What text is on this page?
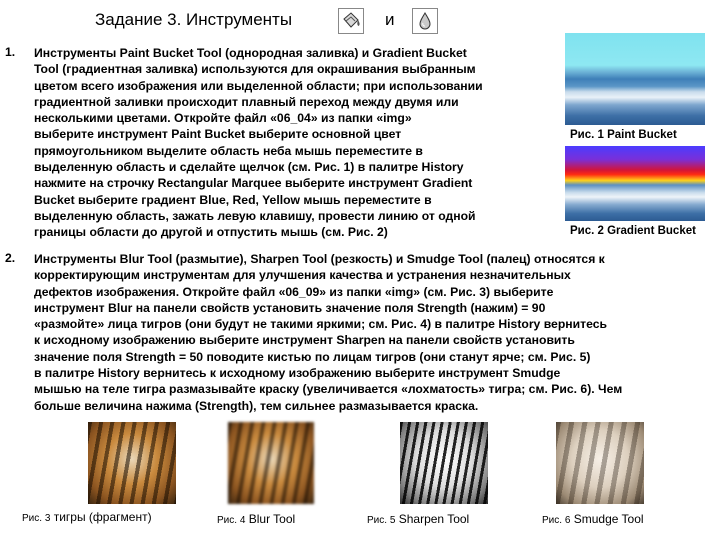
Задание 3. Инструменты	и
1. Инструменты Paint Bucket Tool (однородная заливка) и Gradient Bucket
Tool (градиентная заливка) используются для окрашивания выбранным
цветом всего изображения или выделенной области; при использовании
градиентной заливки происходит плавный переход между двумя или
несколькими цветами. Откройте файл «06_04» из папки «img»
выберите инструмент Paint Bucket выберите основной цвет
прямоугольником выделите область неба мышь переместите в
выделенную область и сделайте щелчок (см. Рис. 1) в палитре History
нажмите на строчку Rectangular Marquee выберите инструмент Gradient
Bucket выберите градиент Blue, Red, Yellow мышь переместите в
выделенную область, зажать левую клавишу, провести линию от одной
границы области до другой и отпустить мышь (см. Рис. 2)
Рис. 1 Paint Bucket
Рис. 2 Gradient Bucket
2. Инструменты Blur Tool (размытие), Sharpen Tool (резкость) и Smudge Tool (палец) относятся к
корректирующим инструментам для улучшения качества и устранения незначительных
дефектов изображения. Откройте файл «06_09» из папки «img» (см. Рис. 3) выберите
инструмент Blur на панели свойств установить значение поля Strength (нажим) = 90
«размойте» лица тигров (они будут не такими яркими; см. Рис. 4) в палитре History вернитесь
к исходному изображению выберите инструмент Sharpen на панели свойств установить
значение поля Strength = 50 поводите кистью по лицам тигров (они станут ярче; см. Рис. 5)
в палитре History вернитесь к исходному изображению выберите инструмент Smudge
мышью на теле тигра размазывайте краску (увеличивается «лохматость» тигра; см. Рис. 6). Чем
больше величина нажима (Strength), тем сильнее размазывается краска.
Рис. 3 тигры (фрагмент)	Рис. 4 Blur Tool	Рис. 5 Sharpen Tool	Рис. 6 Smudge Tool
